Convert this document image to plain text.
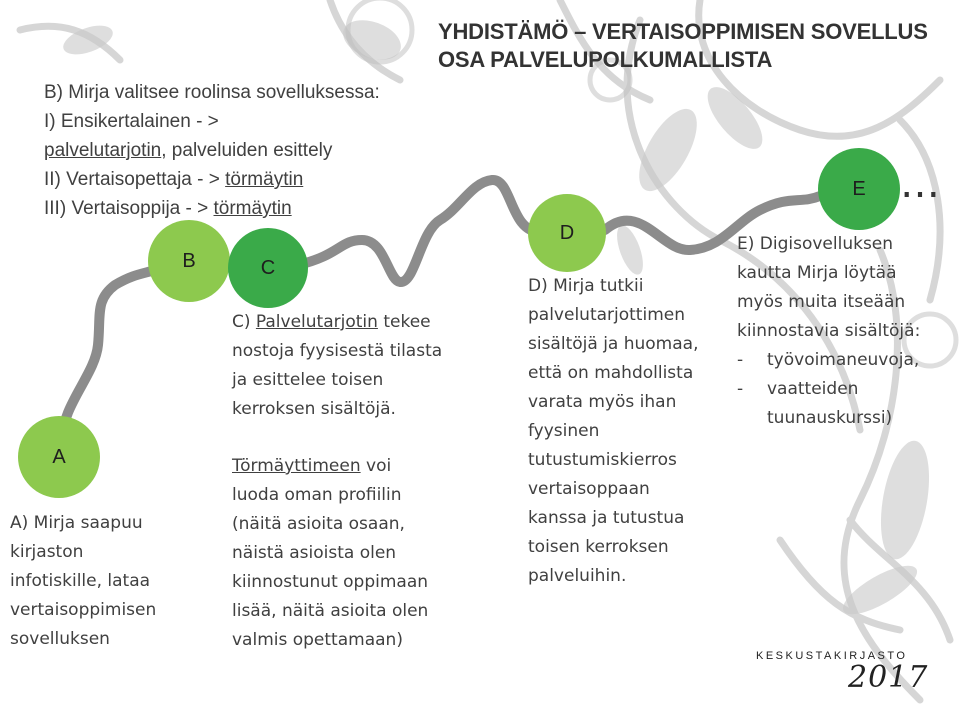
YHDISTÄMÖ – VERTAISOPPIMISEN SOVELLUS
OSA PALVELUPOLKUMALLISTA
A
B	C
D
E …
B) Mirja valitsee roolinsa sovelluksessa:
I) Ensikertalainen - >
palvelutarjotin, palveluiden esittely
II) Vertaisopettaja - > törmäytin
III) Vertaisoppija - > törmäytin
A) Mirja saapuu
kirjaston
infotiskille, lataa
vertaisoppimisen
sovelluksen
C) Palvelutarjotin tekee
nostoja fyysisestä tilasta
ja esittelee toisen
kerroksen sisältöjä.
Törmäyttimeen voi
luoda oman profiilin
(näitä asioita osaan,
näistä asioista olen
kiinnostunut oppimaan
lisää, näitä asioita olen
valmis opettamaan)
D) Mirja tutkii
palvelutarjottimen
sisältöjä ja huomaa,
että on mahdollista
varata myös ihan
fyysinen
tutustumiskierros
vertaisoppaan
kanssa ja tutustua
toisen kerroksen
palveluihin.
E) Digisovelluksen
kautta Mirja löytää
myös muita itseään
kiinnostavia sisältöjä:
- työvoimaneuvoja,
- vaatteiden
tuunauskurssi)
KESKUSTAKIRJASTO
2017
